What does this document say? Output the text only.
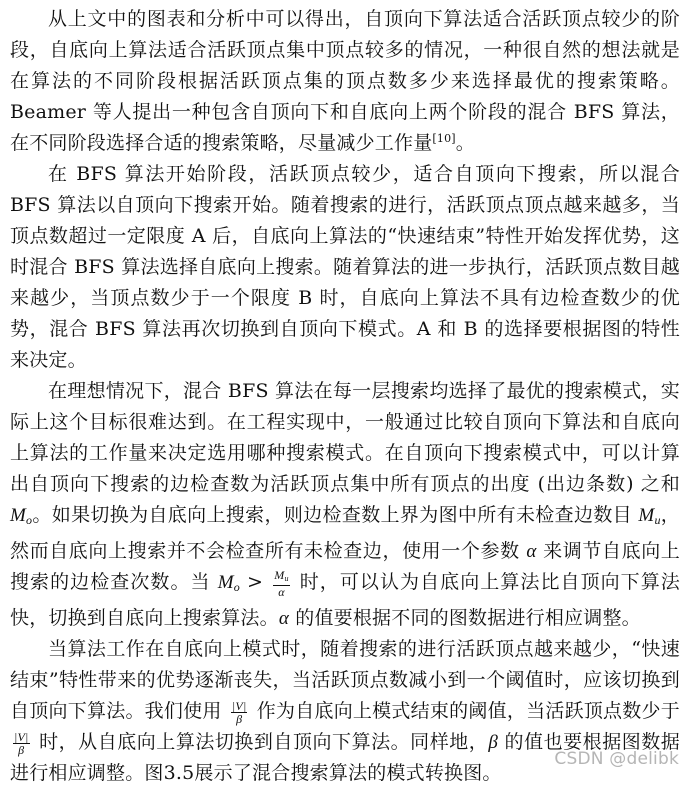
从上文中的图表和分析中可以得出，自顶向下算法适合活跃顶点较少的阶段，自底向上算法适合活跃顶点集中顶点较多的情况，一种很自然的想法就是在算法的不同阶段根据活跃顶点集的顶点数多少来选择最优的搜索策略。Beamer 等人提出一种包含自顶向下和自底向上两个阶段的混合 BFS 算法，在不同阶段选择合适的搜索策略，尽量减少工作量[10]。

在 BFS 算法开始阶段，活跃顶点较少，适合自顶向下搜索，所以混合 BFS 算法以自顶向下搜索开始。随着搜索的进行，活跃顶点顶点越来越多，当顶点数超过一定限度 A 后，自底向上算法的“快速结束”特性开始发挥优势，这时混合 BFS 算法选择自底向上搜索。随着算法的进一步执行，活跃顶点数目越来越少，当顶点数少于一个限度 B 时，自底向上算法不具有边检查数少的优势，混合 BFS 算法再次切换到自顶向下模式。A 和 B 的选择要根据图的特性来决定。

在理想情况下，混合 BFS 算法在每一层搜索均选择了最优的搜索模式，实际上这个目标很难达到。在工程实现中，一般通过比较自顶向下算法和自底向上算法的工作量来决定选用哪种搜索模式。在自顶向下搜索模式中，可以计算出自顶向下搜索的边检查数为活跃顶点集中所有顶点的出度 (出边条数) 之和 $M_o$。如果切换为自底向上搜索，则边检查数上界为图中所有未检查边数目 $M_u$，然而自底向上搜索并不会检查所有未检查边，使用一个参数 α 来调节自底向上搜索的边检查次数。当 $M_o > \frac{M_u}{\alpha}$ 时，可以认为自底向上算法比自顶向下算法快，切换到自底向上搜索算法。α 的值要根据不同的图数据进行相应调整。

当算法工作在自底向上模式时，随着搜索的进行活跃顶点越来越少，“快速结束”特性带来的优势逐渐丧失，当活跃顶点数减小到一个阈值时，应该切换到自顶向下算法。我们使用 $\frac{|V|}{\beta}$ 作为自底向上模式结束的阈值，当活跃顶点数少于
$\frac{|V|}{\beta}$ 时，从自底向上算法切换到自顶向下算法。同样地，β 的值也要根据图数据进行相应调整。图3.5展示了混合搜索算法的模式转换图。

CSDN @delibk
